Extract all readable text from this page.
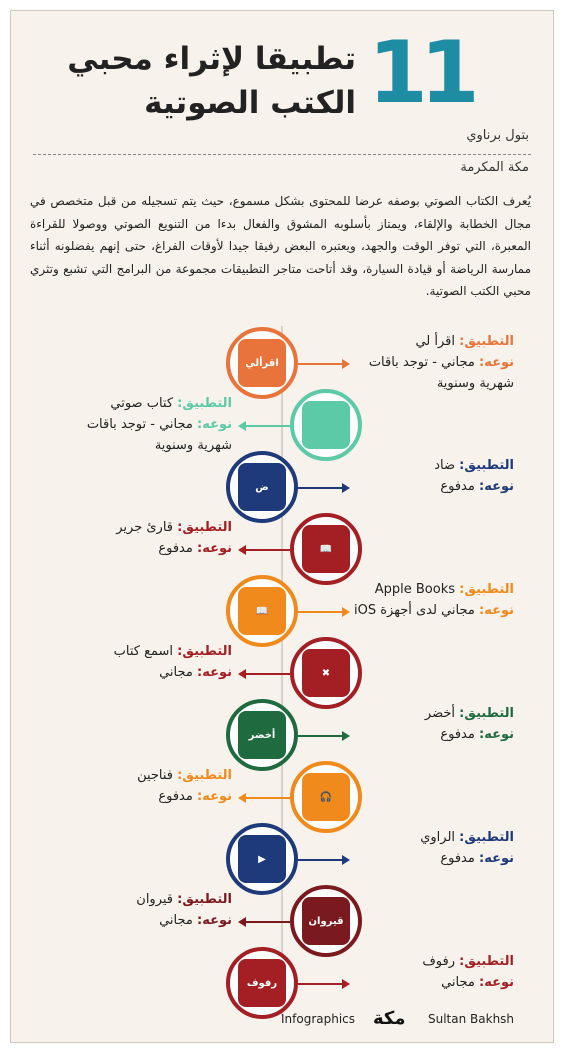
11
تطبيقا لإثراء محبي
الكتب الصوتية
بتول برناوي
مكة المكرمة
يُعرف الكتاب الصوتي بوصفه عرضا للمحتوى بشكل مسموع، حيث يتم تسجيله من قبل متخصص في مجال الخطابة والإلقاء، ويمتاز بأسلوبه المشوق والفعال بدءا من التنويع الصوتي ووصولا للقراءة المعبرة، التي توفر الوقت والجهد، ويعتبره البعض رفيقا جيدا لأوقات الفراغ، حتى إنهم يفضلونه أثناء ممارسة الرياضة أو قيادة السيارة، وقد أتاحت متاجر التطبيقات مجموعة من البرامج التي تشبع وتثري محبي الكتب الصوتية.
اقرألي
التطبيق: اقرأ لي
نوعه: مجاني - توجد باقات شهرية وسنوية
التطبيق: كتاب صوتي
نوعه: مجاني - توجد باقات شهرية وسنوية
ض
التطبيق: ضاد
نوعه: مدفوع
📖
التطبيق: قارئ جرير
نوعه: مدفوع
📖
التطبيق: Apple Books
نوعه: مجاني لدى أجهزة iOS
✖
التطبيق: اسمع كتاب
نوعه: مجاني
أخضر
التطبيق: أخضر
نوعه: مدفوع
🎧
التطبيق: فناجين
نوعه: مدفوع
▶
التطبيق: الراوي
نوعه: مدفوع
قيروان
التطبيق: قيروان
نوعه: مجاني
رفوف
التطبيق: رفوف
نوعه: مجاني
Infographics مكة Sultan Bakhsh
